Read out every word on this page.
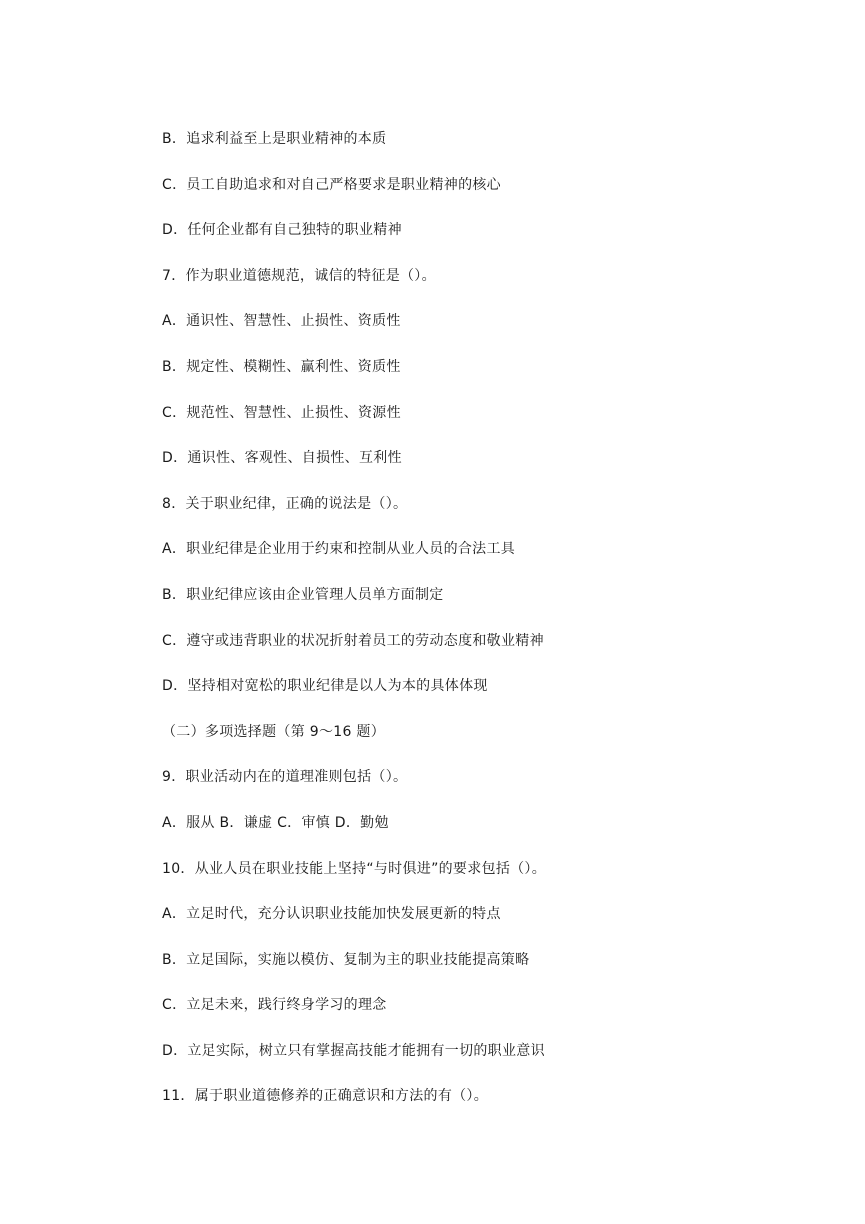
B．追求利益至上是职业精神的本质
C．员工自助追求和对自己严格要求是职业精神的核心
D．任何企业都有自己独特的职业精神
7．作为职业道德规范，诚信的特征是（）。
A．通识性、智慧性、止损性、资质性
B．规定性、模糊性、赢利性、资质性
C．规范性、智慧性、止损性、资源性
D．通识性、客观性、自损性、互利性
8．关于职业纪律，正确的说法是（）。
A．职业纪律是企业用于约束和控制从业人员的合法工具
B．职业纪律应该由企业管理人员单方面制定
C．遵守或违背职业的状况折射着员工的劳动态度和敬业精神
D．坚持相对宽松的职业纪律是以人为本的具体体现
（二）多项选择题（第 9～16 题）
9．职业活动内在的道理准则包括（）。
A．服从 B．谦虚 C．审慎 D．勤勉
10．从业人员在职业技能上坚持“与时俱进”的要求包括（）。
A．立足时代，充分认识职业技能加快发展更新的特点
B．立足国际，实施以模仿、复制为主的职业技能提高策略
C．立足未来，践行终身学习的理念
D．立足实际，树立只有掌握高技能才能拥有一切的职业意识
11．属于职业道德修养的正确意识和方法的有（）。
